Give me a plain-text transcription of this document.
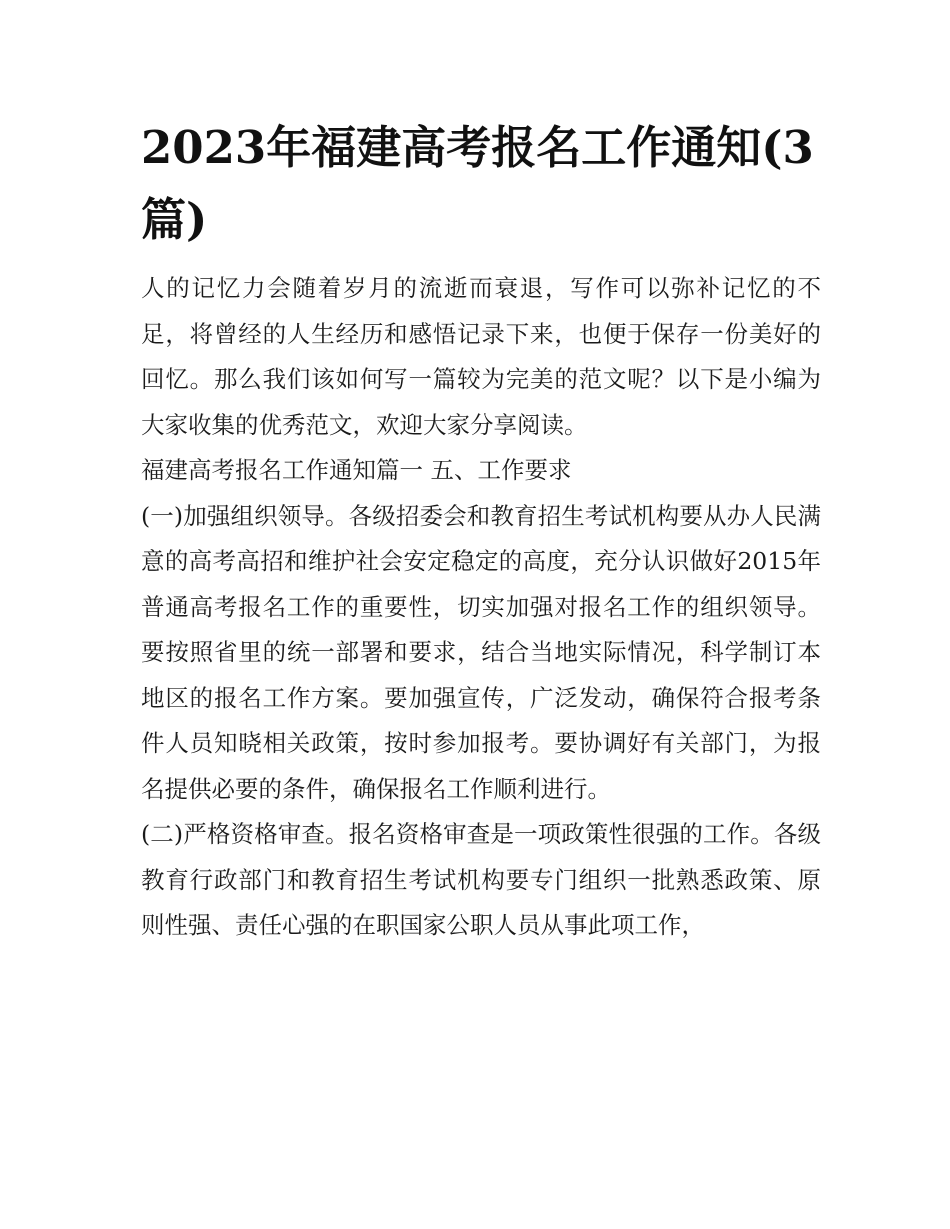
2023年福建高考报名工作通知(3篇)

人的记忆力会随着岁月的流逝而衰退，写作可以弥补记忆的不足，将曾经的人生经历和感悟记录下来，也便于保存一份美好的回忆。那么我们该如何写一篇较为完美的范文呢？以下是小编为大家收集的优秀范文，欢迎大家分享阅读。

福建高考报名工作通知篇一 五、工作要求

(一)加强组织领导。各级招委会和教育招生考试机构要从办人民满意的高考高招和维护社会安定稳定的高度，充分认识做好2015年普通高考报名工作的重要性，切实加强对报名工作的组织领导。要按照省里的统一部署和要求，结合当地实际情况，科学制订本地区的报名工作方案。要加强宣传，广泛发动，确保符合报考条件人员知晓相关政策，按时参加报考。要协调好有关部门，为报名提供必要的条件，确保报名工作顺利进行。

(二)严格资格审查。报名资格审查是一项政策性很强的工作。各级教育行政部门和教育招生考试机构要专门组织一批熟悉政策、原则性强、责任心强的在职国家公职人员从事此项工作，
